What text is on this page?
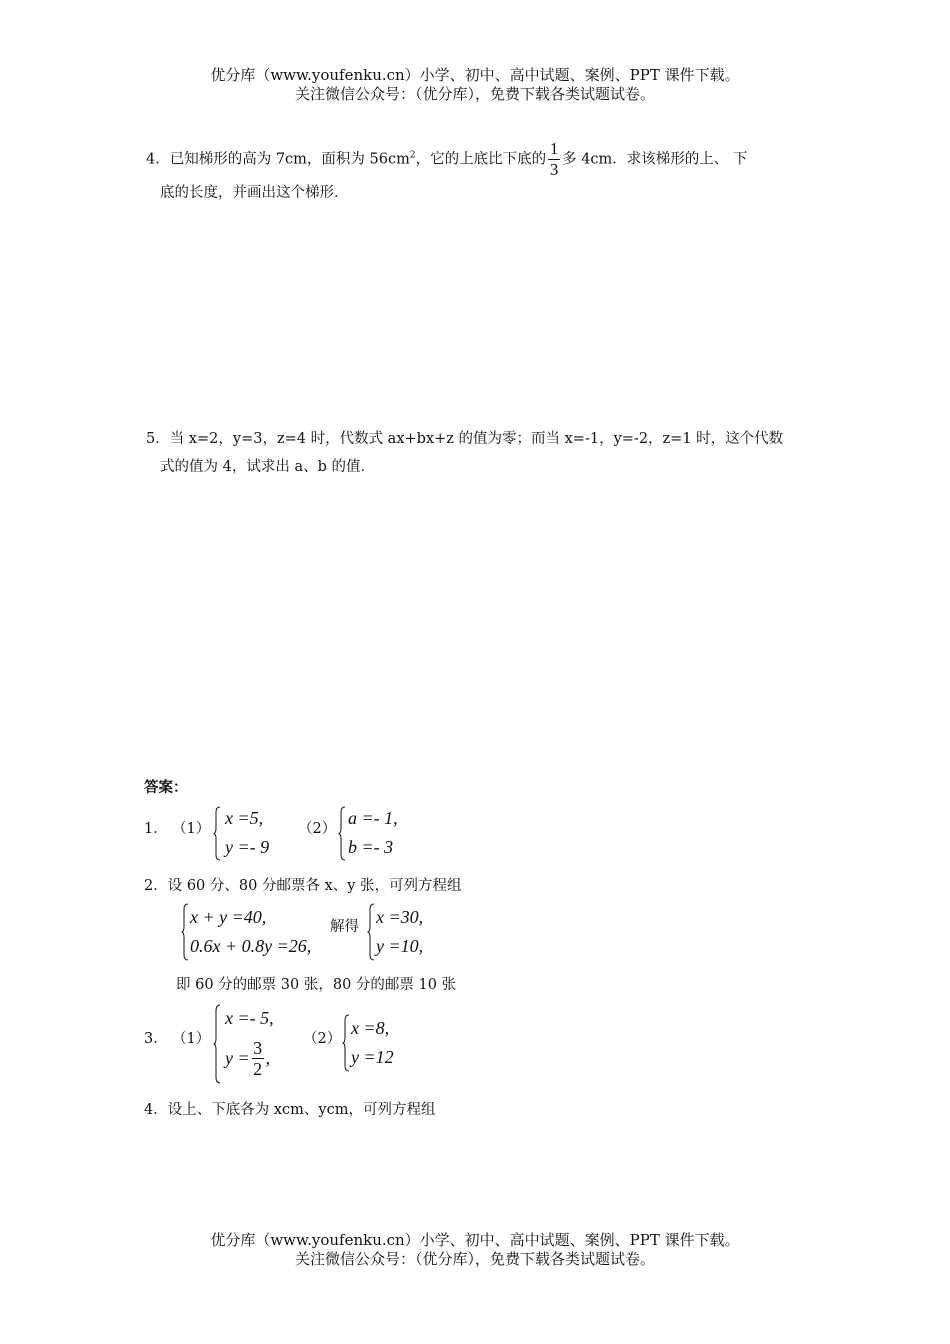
优分库（www.youfenku.cn）小学、初中、高中试题、案例、PPT 课件下载。
关注微信公众号：（优分库），免费下载各类试题试卷。
4．已知梯形的高为 7cm，面积为 $56cm^2$，它的上底比下底的 $\frac{1}{3}$ 多 4cm．求该梯形的上、 下
底的长度，并画出这个梯形．
5．当 x=2，y=3，z=4 时，代数式 ax+bx+z 的值为零；而当 x=-1，y=-2，z=1 时，这个代数
式的值为 4，试求出 a、b 的值．
答案：
1． （1）
x =5,
y =- 9
（2）
a =- 1,
b =- 3
2．设 60 分、80 分邮票各 x、y 张，可列方程组
x + y =40,
0.6x + 0.8y =26,
解得 x =30,
y =10,
即 60 分的邮票 30 张，80 分的邮票 10 张
3． （1）
x =- 5,
$y = \frac{3}{2}$ ,
（2）
x =8,
y =12
4．设上、下底各为 xcm、ycm，可列方程组
优分库（www.youfenku.cn）小学、初中、高中试题、案例、PPT 课件下载。
关注微信公众号：（优分库），免费下载各类试题试卷。
